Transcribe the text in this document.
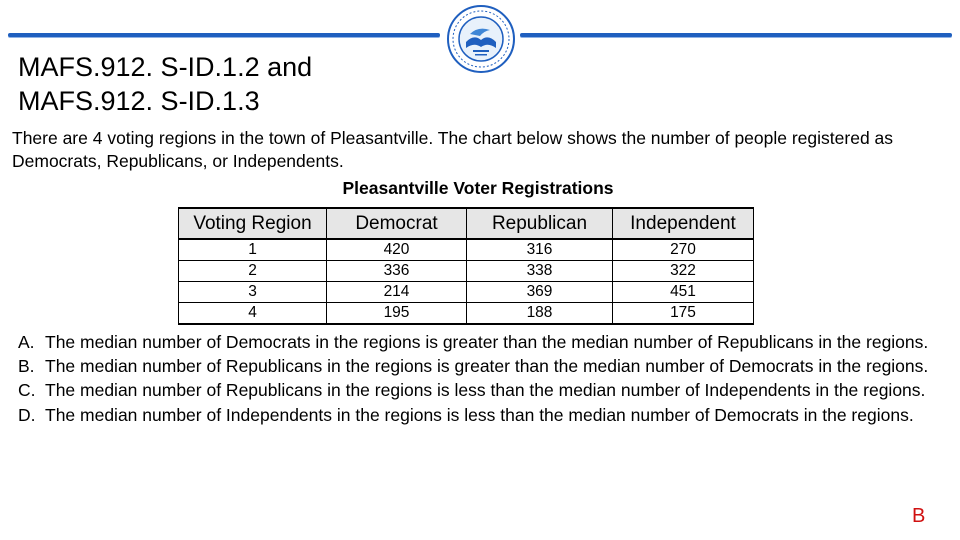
MAFS.912. S-ID.1.2 and
MAFS.912. S-ID.1.3
There are 4 voting regions in the town of Pleasantville. The chart below shows the number of people registered as Democrats, Republicans, or Independents.
Pleasantville Voter Registrations
Voting Region	Democrat	Republican	Independent
1	420	316	270
2	336	338	322
3	214	369	451
4	195	188	175
A. The median number of Democrats in the regions is greater than the median number of Republicans in the regions.
B. The median number of Republicans in the regions is greater than the median number of Democrats in the regions.
C. The median number of Republicans in the regions is less than the median number of Independents in the regions.
D. The median number of Independents in the regions is less than the median number of Democrats in the regions.
B
